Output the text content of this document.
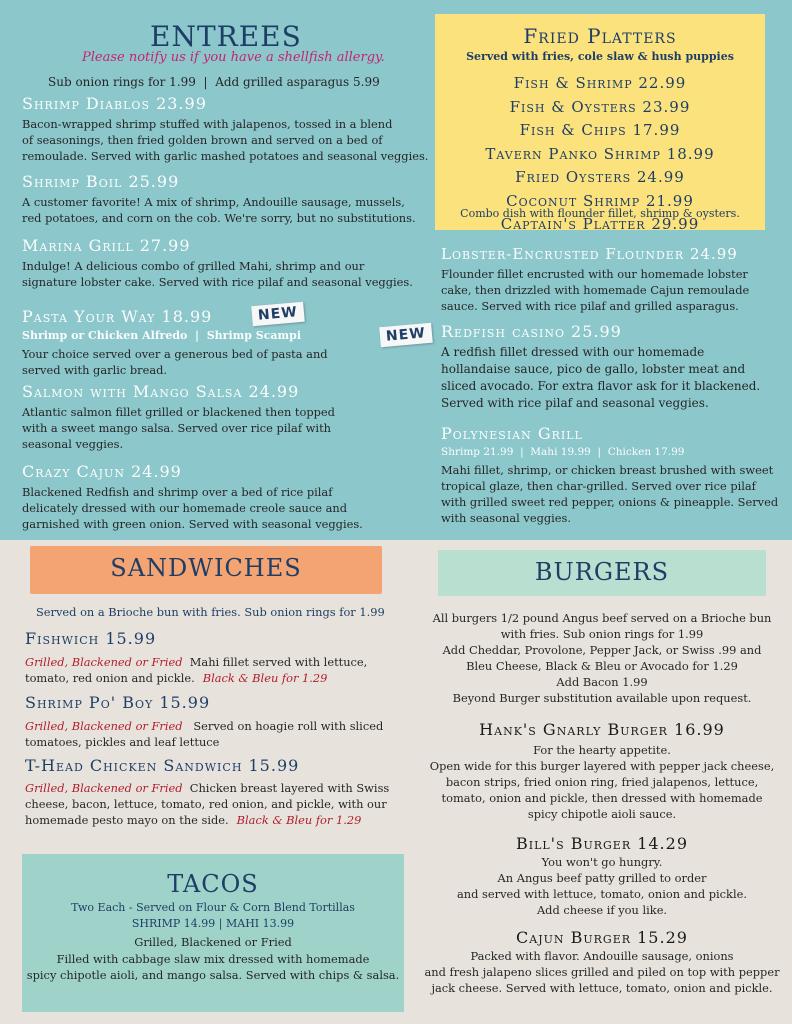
ENTREES
Please notify us if you have a shellfish allergy.
Sub onion rings for 1.99  |  Add grilled asparagus 5.99
Shrimp Diablos 23.99
Bacon-wrapped shrimp stuffed with jalapenos, tossed in a blend
of seasonings, then fried golden brown and served on a bed of
remoulade. Served with garlic mashed potatoes and seasonal veggies.
Shrimp Boil 25.99
A customer favorite! A mix of shrimp, Andouille sausage, mussels,
red potatoes, and corn on the cob. We're sorry, but no substitutions.
Marina Grill 27.99
Indulge! A delicious combo of grilled Mahi, shrimp and our
signature lobster cake. Served with rice pilaf and seasonal veggies.
Pasta Your Way 18.99	NEW
Shrimp or Chicken Alfredo  |  Shrimp Scampi
Your choice served over a generous bed of pasta and
served with garlic bread.
Salmon with Mango Salsa 24.99
Atlantic salmon fillet grilled or blackened then topped
with a sweet mango salsa. Served over rice pilaf with
seasonal veggies.
Crazy Cajun 24.99
Blackened Redfish and shrimp over a bed of rice pilaf
delicately dressed with our homemade creole sauce and
garnished with green onion. Served with seasonal veggies.
Fried Platters
Served with fries, cole slaw & hush puppies
Fish & Shrimp 22.99
Fish & Oysters 23.99
Fish & Chips 17.99
Tavern Panko Shrimp 18.99
Fried Oysters 24.99
Coconut Shrimp 21.99
Captain's Platter 29.99
Combo dish with flounder fillet, shrimp & oysters.
Lobster-Encrusted Flounder 24.99
Flounder fillet encrusted with our homemade lobster
cake, then drizzled with homemade Cajun remoulade
sauce. Served with rice pilaf and grilled asparagus.
NEW Redfish casino 25.99
A redfish fillet dressed with our homemade
hollandaise sauce, pico de gallo, lobster meat and
sliced avocado. For extra flavor ask for it blackened.
Served with rice pilaf and seasonal veggies.
Polynesian Grill
Shrimp 21.99  |  Mahi 19.99  |  Chicken 17.99
Mahi fillet, shrimp, or chicken breast brushed with sweet
tropical glaze, then char-grilled. Served over rice pilaf
with grilled sweet red pepper, onions & pineapple. Served
with seasonal veggies.
SANDWICHES
Served on a Brioche bun with fries. Sub onion rings for 1.99
Fishwich 15.99
Grilled, Blackened or Fried  Mahi fillet served with lettuce,
tomato, red onion and pickle. Black & Bleu for 1.29
Shrimp Po' Boy 15.99
Grilled, Blackened or Fried   Served on hoagie roll with sliced
tomatoes, pickles and leaf lettuce
T-Head Chicken Sandwich 15.99
Grilled, Blackened or Fried  Chicken breast layered with Swiss
cheese, bacon, lettuce, tomato, red onion, and pickle, with our
homemade pesto mayo on the side. Black & Bleu for 1.29
TACOS
Two Each - Served on Flour & Corn Blend Tortillas
SHRIMP 14.99 | MAHI 13.99
Grilled, Blackened or Fried
Filled with cabbage slaw mix dressed with homemade
spicy chipotle aioli, and mango salsa. Served with chips & salsa.
BURGERS
All burgers 1/2 pound Angus beef served on a Brioche bun
with fries. Sub onion rings for 1.99
Add Cheddar, Provolone, Pepper Jack, or Swiss .99 and
Bleu Cheese, Black & Bleu or Avocado for 1.29
Add Bacon 1.99
Beyond Burger substitution available upon request.
Hank's Gnarly Burger 16.99
For the hearty appetite.
Open wide for this burger layered with pepper jack cheese,
bacon strips, fried onion ring, fried jalapenos, lettuce,
tomato, onion and pickle, then dressed with homemade
spicy chipotle aioli sauce.
Bill's Burger 14.29
You won't go hungry.
An Angus beef patty grilled to order
and served with lettuce, tomato, onion and pickle.
Add cheese if you like.
Cajun Burger 15.29
Packed with flavor. Andouille sausage, onions
and fresh jalapeno slices grilled and piled on top with pepper
jack cheese. Served with lettuce, tomato, onion and pickle.
